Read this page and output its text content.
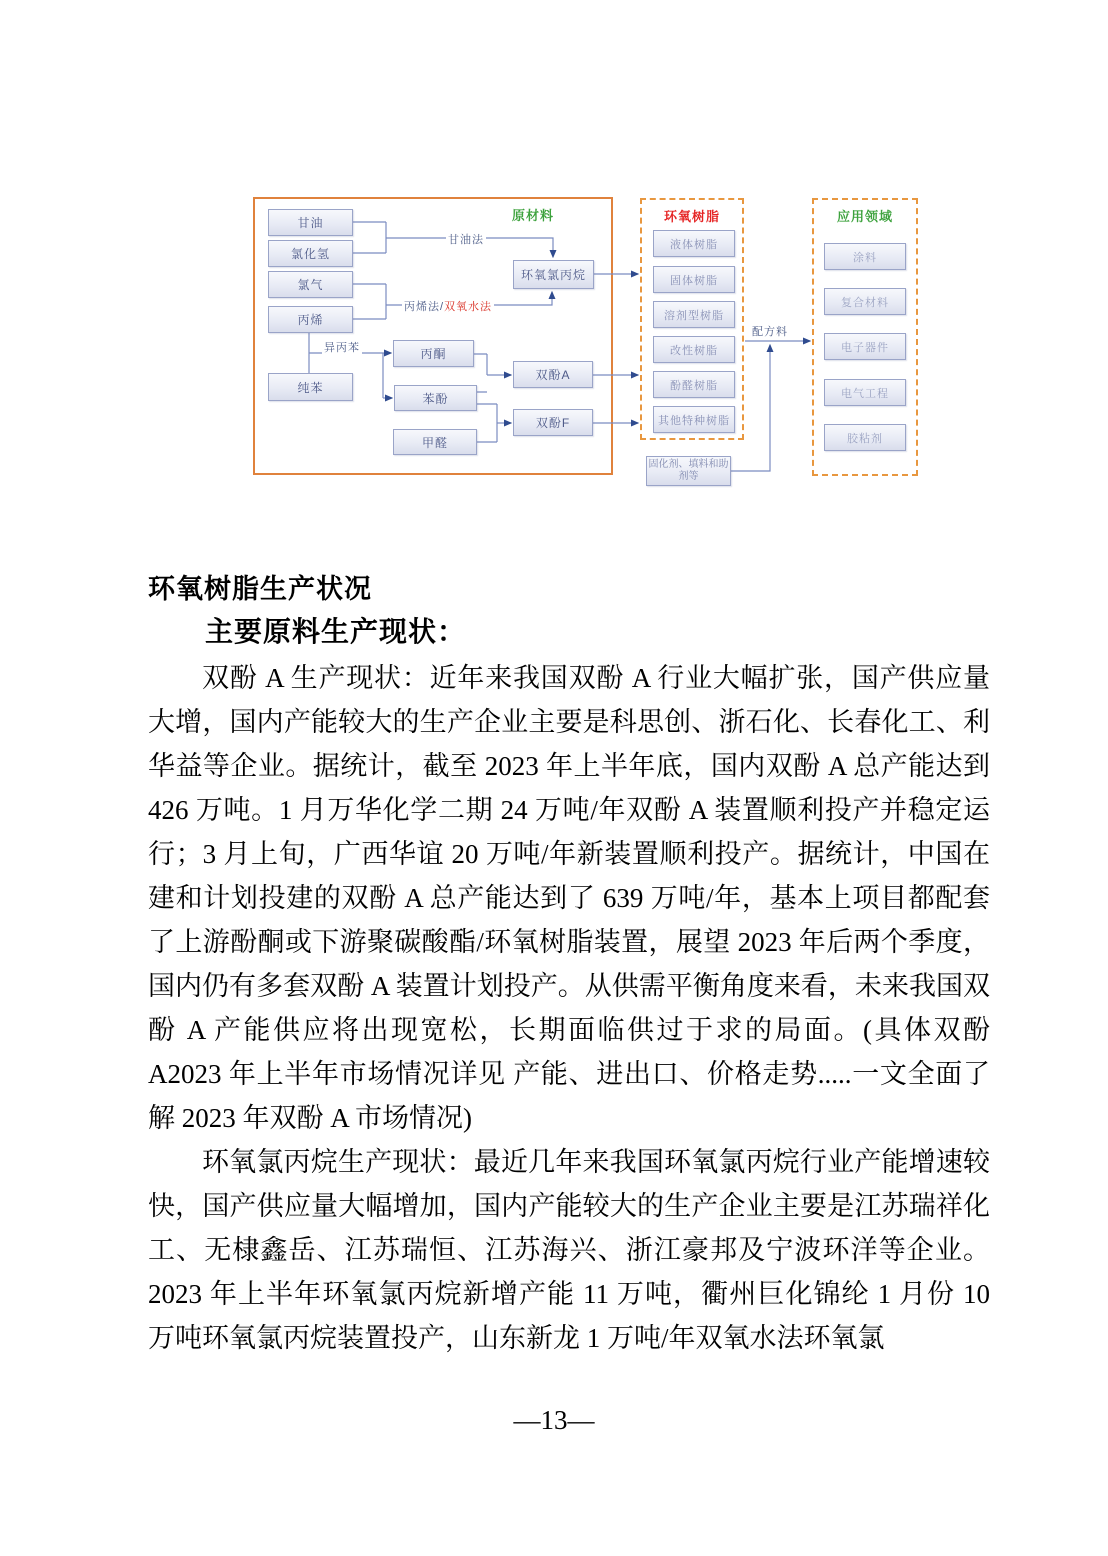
原材料	环氧树脂	应用领域
甘油
氯化氢
氯气
丙烯
纯苯
丙酮
苯酚
甲醛
环氧氯丙烷
双酚A
双酚F
液体树脂
固体树脂
溶剂型树脂
改性树脂
酚醛树脂
其他特种树脂
固化剂、填料和助剂等
涂料
复合材料
电子器件
电气工程
胶粘剂
甘油法
丙烯法/双氧水法
异丙苯
配方料
环氧树脂生产状况
主要原料生产现状：

双酚 A 生产现状：近年来我国双酚 A 行业大幅扩张，国产供应量大增，国内产能较大的生产企业主要是科思创、浙石化、长春化工、利华益等企业。据统计，截至 2023 年上半年底，国内双酚 A 总产能达到 426 万吨。1 月万华化学二期 24 万吨/年双酚 A 装置顺利投产并稳定运行；3 月上旬，广西华谊 20 万吨/年新装置顺利投产。据统计，中国在建和计划投建的双酚 A 总产能达到了 639 万吨/年，基本上项目都配套了上游酚酮或下游聚碳酸酯/环氧树脂装置，展望 2023 年后两个季度，国内仍有多套双酚 A 装置计划投产。从供需平衡角度来看，未来我国双酚 A 产能供应将出现宽松，长期面临供过于求的局面。(具体双酚 A2023 年上半年市场情况详见 产能、进出口、价格走势.....一文全面了解 2023 年双酚 A 市场情况)

环氧氯丙烷生产现状：最近几年来我国环氧氯丙烷行业产能增速较快，国产供应量大幅增加，国内产能较大的生产企业主要是江苏瑞祥化工、无棣鑫岳、江苏瑞恒、江苏海兴、浙江豪邦及宁波环洋等企业。2023 年上半年环氧氯丙烷新增产能 11 万吨，衢州巨化锦纶 1 月份 10 万吨环氧氯丙烷装置投产，山东新龙 1 万吨/年双氧水法环氧氯

—13—
